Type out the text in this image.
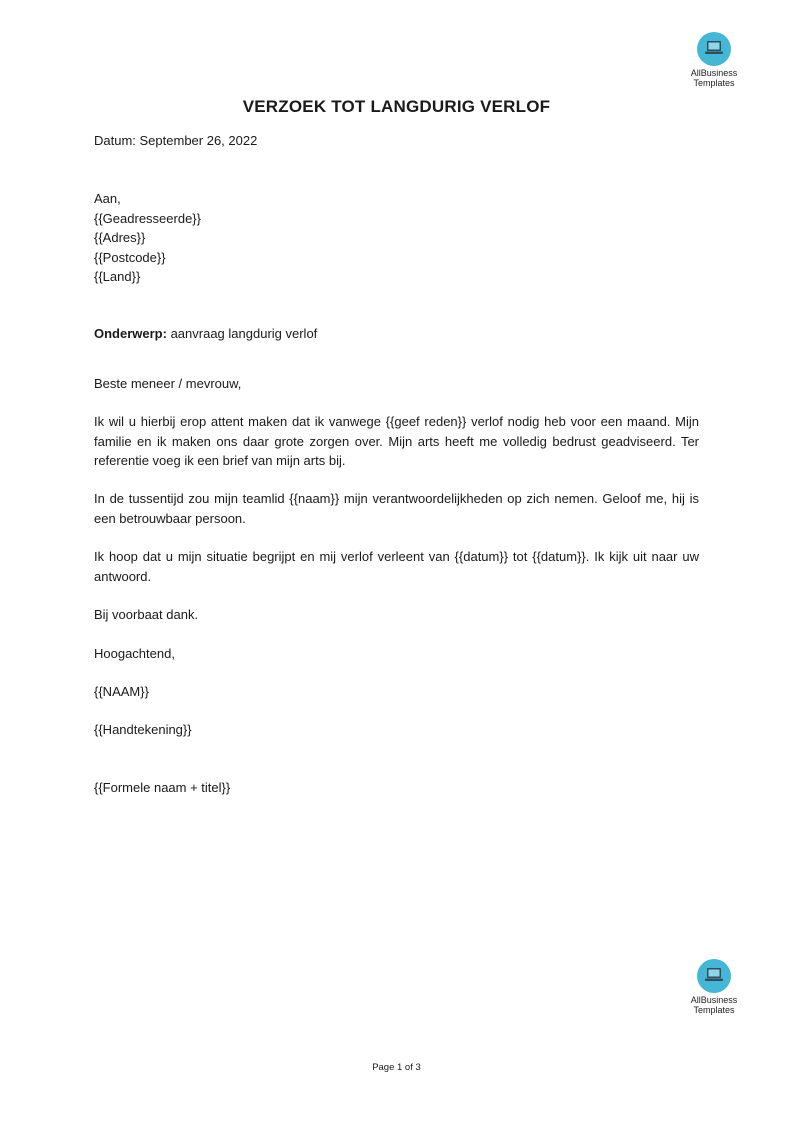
AllBusiness
Templates
VERZOEK TOT LANGDURIG VERLOF

Datum: September 26, 2022

Aan,

{{Geadresseerde}}

{{Adres}}

{{Postcode}}

{{Land}}

Onderwerp: aanvraag langdurig verlof

Beste meneer / mevrouw,

Ik wil u hierbij erop attent maken dat ik vanwege {{geef reden}} verlof nodig heb voor een maand. Mijn familie en ik maken ons daar grote zorgen over. Mijn arts heeft me volledig bedrust geadviseerd. Ter referentie voeg ik een brief van mijn arts bij.

In de tussentijd zou mijn teamlid {{naam}} mijn verantwoordelijkheden op zich nemen. Geloof me, hij is een betrouwbaar persoon.

Ik hoop dat u mijn situatie begrijpt en mij verlof verleent van {{datum}} tot {{datum}}. Ik kijk uit naar uw antwoord.

Bij voorbaat dank.

Hoogachtend,

{{NAAM}}

{{Handtekening}}

{{Formele naam + titel}}

AllBusiness
Templates
Page 1 of 3
